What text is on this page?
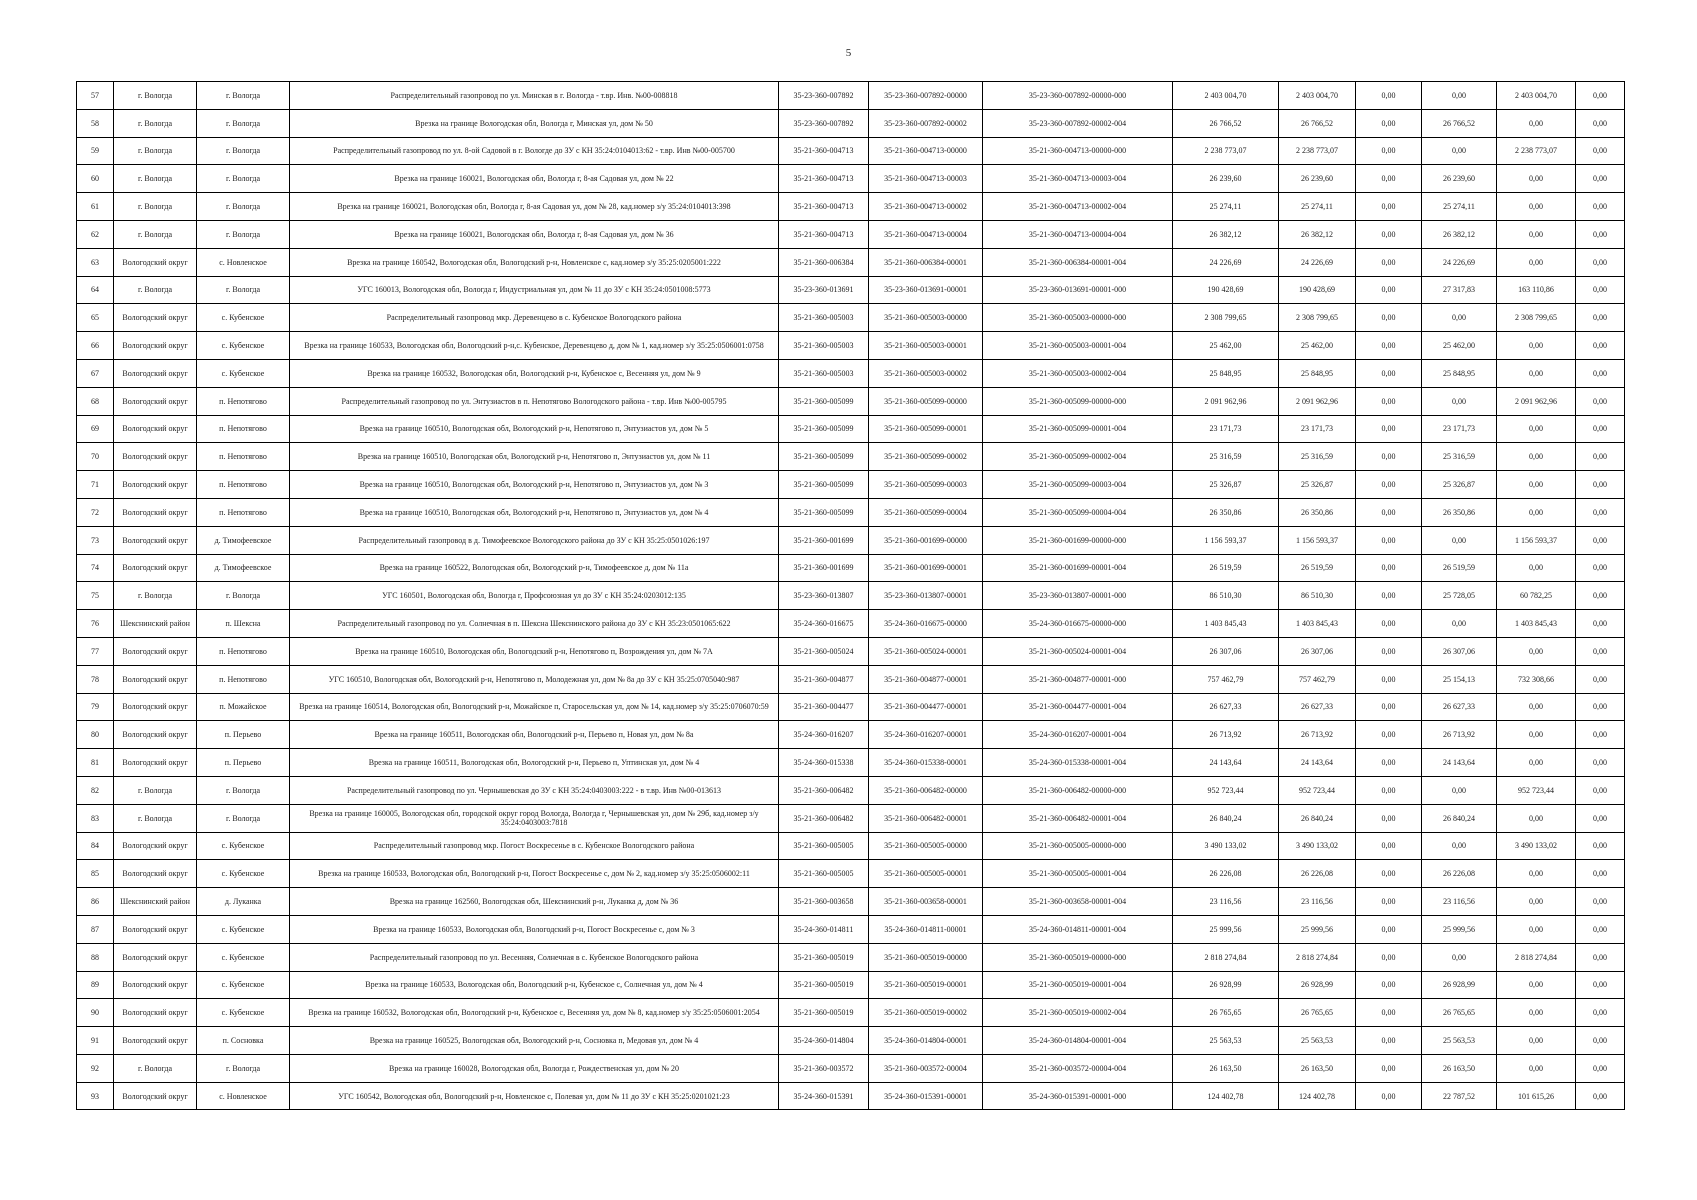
5
57	г. Вологда	г. Вологда	Распределительный газопровод по ул. Минская в г. Вологда - т.вр. Инв. №00-008818	35-23-360-007892	35-23-360-007892-00000	35-23-360-007892-00000-000	2 403 004,70	2 403 004,70	0,00	0,00	2 403 004,70	0,00
58	г. Вологда	г. Вологда	Врезка на границе Вологодская обл, Вологда г, Минская ул, дом № 50	35-23-360-007892	35-23-360-007892-00002	35-23-360-007892-00002-004	26 766,52	26 766,52	0,00	26 766,52	0,00	0,00
59	г. Вологда	г. Вологда	Распределительный газопровод по ул. 8-ой Садовой в г. Вологде до ЗУ с КН 35:24:0104013:62 - т.вр. Инв №00-005700	35-21-360-004713	35-21-360-004713-00000	35-21-360-004713-00000-000	2 238 773,07	2 238 773,07	0,00	0,00	2 238 773,07	0,00
60	г. Вологда	г. Вологда	Врезка на границе 160021, Вологодская обл, Вологда г, 8-ая Садовая ул, дом № 22	35-21-360-004713	35-21-360-004713-00003	35-21-360-004713-00003-004	26 239,60	26 239,60	0,00	26 239,60	0,00	0,00
61	г. Вологда	г. Вологда	Врезка на границе 160021, Вологодская обл, Вологда г, 8-ая Садовая ул, дом № 28, кад.номер з/у 35:24:0104013:398	35-21-360-004713	35-21-360-004713-00002	35-21-360-004713-00002-004	25 274,11	25 274,11	0,00	25 274,11	0,00	0,00
62	г. Вологда	г. Вологда	Врезка на границе 160021, Вологодская обл, Вологда г, 8-ая Садовая ул, дом № 36	35-21-360-004713	35-21-360-004713-00004	35-21-360-004713-00004-004	26 382,12	26 382,12	0,00	26 382,12	0,00	0,00
63	Вологодский округ	с. Новленское	Врезка на границе 160542, Вологодская обл, Вологодский р-н, Новленское с, кад.номер з/у 35:25:0205001:222	35-21-360-006384	35-21-360-006384-00001	35-21-360-006384-00001-004	24 226,69	24 226,69	0,00	24 226,69	0,00	0,00
64	г. Вологда	г. Вологда	УГС 160013, Вологодская обл, Вологда г, Индустриальная ул, дом № 11 до ЗУ с КН 35:24:0501008:5773	35-23-360-013691	35-23-360-013691-00001	35-23-360-013691-00001-000	190 428,69	190 428,69	0,00	27 317,83	163 110,86	0,00
65	Вологодский округ	с. Кубенское	Распределительный газопровод мкр. Деревенцево в с. Кубенское Вологодского района	35-21-360-005003	35-21-360-005003-00000	35-21-360-005003-00000-000	2 308 799,65	2 308 799,65	0,00	0,00	2 308 799,65	0,00
66	Вологодский округ	с. Кубенское	Врезка на границе 160533, Вологодская обл, Вологодский р-н,с. Кубенское, Деревенцево д, дом № 1, кад.номер з/у 35:25:0506001:0758	35-21-360-005003	35-21-360-005003-00001	35-21-360-005003-00001-004	25 462,00	25 462,00	0,00	25 462,00	0,00	0,00
67	Вологодский округ	с. Кубенское	Врезка на границе 160532, Вологодская обл, Вологодский р-н, Кубенское с, Весенняя ул, дом № 9	35-21-360-005003	35-21-360-005003-00002	35-21-360-005003-00002-004	25 848,95	25 848,95	0,00	25 848,95	0,00	0,00
68	Вологодский округ	п. Непотягово	Распределительный газопровод по ул. Энтузиастов в п. Непотягово Вологодского района - т.вр. Инв №00-005795	35-21-360-005099	35-21-360-005099-00000	35-21-360-005099-00000-000	2 091 962,96	2 091 962,96	0,00	0,00	2 091 962,96	0,00
69	Вологодский округ	п. Непотягово	Врезка на границе 160510, Вологодская обл, Вологодский р-н, Непотягово п, Энтузиастов ул, дом № 5	35-21-360-005099	35-21-360-005099-00001	35-21-360-005099-00001-004	23 171,73	23 171,73	0,00	23 171,73	0,00	0,00
70	Вологодский округ	п. Непотягово	Врезка на границе 160510, Вологодская обл, Вологодский р-н, Непотягово п, Энтузиастов ул, дом № 11	35-21-360-005099	35-21-360-005099-00002	35-21-360-005099-00002-004	25 316,59	25 316,59	0,00	25 316,59	0,00	0,00
71	Вологодский округ	п. Непотягово	Врезка на границе 160510, Вологодская обл, Вологодский р-н, Непотягово п, Энтузиастов ул, дом № 3	35-21-360-005099	35-21-360-005099-00003	35-21-360-005099-00003-004	25 326,87	25 326,87	0,00	25 326,87	0,00	0,00
72	Вологодский округ	п. Непотягово	Врезка на границе 160510, Вологодская обл, Вологодский р-н, Непотягово п, Энтузиастов ул, дом № 4	35-21-360-005099	35-21-360-005099-00004	35-21-360-005099-00004-004	26 350,86	26 350,86	0,00	26 350,86	0,00	0,00
73	Вологодский округ	д. Тимофеевское	Распределительный газопровод в д. Тимофеевское Вологодского района до ЗУ с КН 35:25:0501026:197	35-21-360-001699	35-21-360-001699-00000	35-21-360-001699-00000-000	1 156 593,37	1 156 593,37	0,00	0,00	1 156 593,37	0,00
74	Вологодский округ	д. Тимофеевское	Врезка на границе 160522, Вологодская обл, Вологодский р-н, Тимофеевское д, дом № 11а	35-21-360-001699	35-21-360-001699-00001	35-21-360-001699-00001-004	26 519,59	26 519,59	0,00	26 519,59	0,00	0,00
75	г. Вологда	г. Вологда	УГС 160501, Вологодская обл, Вологда г, Профсоюзная ул до ЗУ с КН 35:24:0203012:135	35-23-360-013807	35-23-360-013807-00001	35-23-360-013807-00001-000	86 510,30	86 510,30	0,00	25 728,05	60 782,25	0,00
76	Шекснинский район	п. Шексна	Распределительный газопровод по ул. Солнечная в п. Шексна Шекснинского района до ЗУ с КН 35:23:0501065:622	35-24-360-016675	35-24-360-016675-00000	35-24-360-016675-00000-000	1 403 845,43	1 403 845,43	0,00	0,00	1 403 845,43	0,00
77	Вологодский округ	п. Непотягово	Врезка на границе 160510, Вологодская обл, Вологодский р-н, Непотягово п, Возрождения ул, дом № 7А	35-21-360-005024	35-21-360-005024-00001	35-21-360-005024-00001-004	26 307,06	26 307,06	0,00	26 307,06	0,00	0,00
78	Вологодский округ	п. Непотягово	УГС 160510, Вологодская обл, Вологодский р-н, Непотягово п, Молодежная ул, дом № 8а до ЗУ с КН 35:25:0705040:987	35-21-360-004877	35-21-360-004877-00001	35-21-360-004877-00001-000	757 462,79	757 462,79	0,00	25 154,13	732 308,66	0,00
79	Вологодский округ	п. Можайское	Врезка на границе 160514, Вологодская обл, Вологодский р-н, Можайское п, Старосельская ул, дом № 14, кад.номер з/у 35:25:0706070:59	35-21-360-004477	35-21-360-004477-00001	35-21-360-004477-00001-004	26 627,33	26 627,33	0,00	26 627,33	0,00	0,00
80	Вологодский округ	п. Перьево	Врезка на границе 160511, Вологодская обл, Вологодский р-н, Перьево п, Новая ул, дом № 8а	35-24-360-016207	35-24-360-016207-00001	35-24-360-016207-00001-004	26 713,92	26 713,92	0,00	26 713,92	0,00	0,00
81	Вологодский округ	п. Перьево	Врезка на границе 160511, Вологодская обл, Вологодский р-н, Перьево п, Уптинская ул, дом № 4	35-24-360-015338	35-24-360-015338-00001	35-24-360-015338-00001-004	24 143,64	24 143,64	0,00	24 143,64	0,00	0,00
82	г. Вологда	г. Вологда	Распределительный газопровод по ул. Чернышевская до ЗУ с КН 35:24:0403003:222 - в т.вр. Инв №00-013613	35-21-360-006482	35-21-360-006482-00000	35-21-360-006482-00000-000	952 723,44	952 723,44	0,00	0,00	952 723,44	0,00
83	г. Вологда	г. Вологда	Врезка на границе 160005, Вологодская обл, городской округ город Вологда, Вологда г, Чернышевская ул, дом № 29б, кад.номер з/у 35:24:0403003:7818	35-21-360-006482	35-21-360-006482-00001	35-21-360-006482-00001-004	26 840,24	26 840,24	0,00	26 840,24	0,00	0,00
84	Вологодский округ	с. Кубенское	Распределительный газопровод мкр. Погост Воскресенье в с. Кубенское Вологодского района	35-21-360-005005	35-21-360-005005-00000	35-21-360-005005-00000-000	3 490 133,02	3 490 133,02	0,00	0,00	3 490 133,02	0,00
85	Вологодский округ	с. Кубенское	Врезка на границе 160533, Вологодская обл, Вологодский р-н, Погост Воскресенье с, дом № 2, кад.номер з/у 35:25:0506002:11	35-21-360-005005	35-21-360-005005-00001	35-21-360-005005-00001-004	26 226,08	26 226,08	0,00	26 226,08	0,00	0,00
86	Шекснинский район	д. Луканка	Врезка на границе 162560, Вологодская обл, Шекснинский р-н, Луканка д, дом № 36	35-21-360-003658	35-21-360-003658-00001	35-21-360-003658-00001-004	23 116,56	23 116,56	0,00	23 116,56	0,00	0,00
87	Вологодский округ	с. Кубенское	Врезка на границе 160533, Вологодская обл, Вологодский р-н, Погост Воскресенье с, дом № 3	35-24-360-014811	35-24-360-014811-00001	35-24-360-014811-00001-004	25 999,56	25 999,56	0,00	25 999,56	0,00	0,00
88	Вологодский округ	с. Кубенское	Распределительный газопровод по ул. Весенняя, Солнечная в с. Кубенское Вологодского района	35-21-360-005019	35-21-360-005019-00000	35-21-360-005019-00000-000	2 818 274,84	2 818 274,84	0,00	0,00	2 818 274,84	0,00
89	Вологодский округ	с. Кубенское	Врезка на границе 160533, Вологодская обл, Вологодский р-н, Кубенское с, Солнечная ул, дом № 4	35-21-360-005019	35-21-360-005019-00001	35-21-360-005019-00001-004	26 928,99	26 928,99	0,00	26 928,99	0,00	0,00
90	Вологодский округ	с. Кубенское	Врезка на границе 160532, Вологодская обл, Вологодский р-н, Кубенское с, Весенняя ул, дом № 8, кад.номер з/у 35:25:0506001:2054	35-21-360-005019	35-21-360-005019-00002	35-21-360-005019-00002-004	26 765,65	26 765,65	0,00	26 765,65	0,00	0,00
91	Вологодский округ	п. Сосновка	Врезка на границе 160525, Вологодская обл, Вологодский р-н, Сосновка п, Медовая ул, дом № 4	35-24-360-014804	35-24-360-014804-00001	35-24-360-014804-00001-004	25 563,53	25 563,53	0,00	25 563,53	0,00	0,00
92	г. Вологда	г. Вологда	Врезка на границе 160028, Вологодская обл, Вологда г, Рождественская ул, дом № 20	35-21-360-003572	35-21-360-003572-00004	35-21-360-003572-00004-004	26 163,50	26 163,50	0,00	26 163,50	0,00	0,00
93	Вологодский округ	с. Новленское	УГС 160542, Вологодская обл, Вологодский р-н, Новленское с, Полевая ул, дом № 11 до ЗУ с КН 35:25:0201021:23	35-24-360-015391	35-24-360-015391-00001	35-24-360-015391-00001-000	124 402,78	124 402,78	0,00	22 787,52	101 615,26	0,00
